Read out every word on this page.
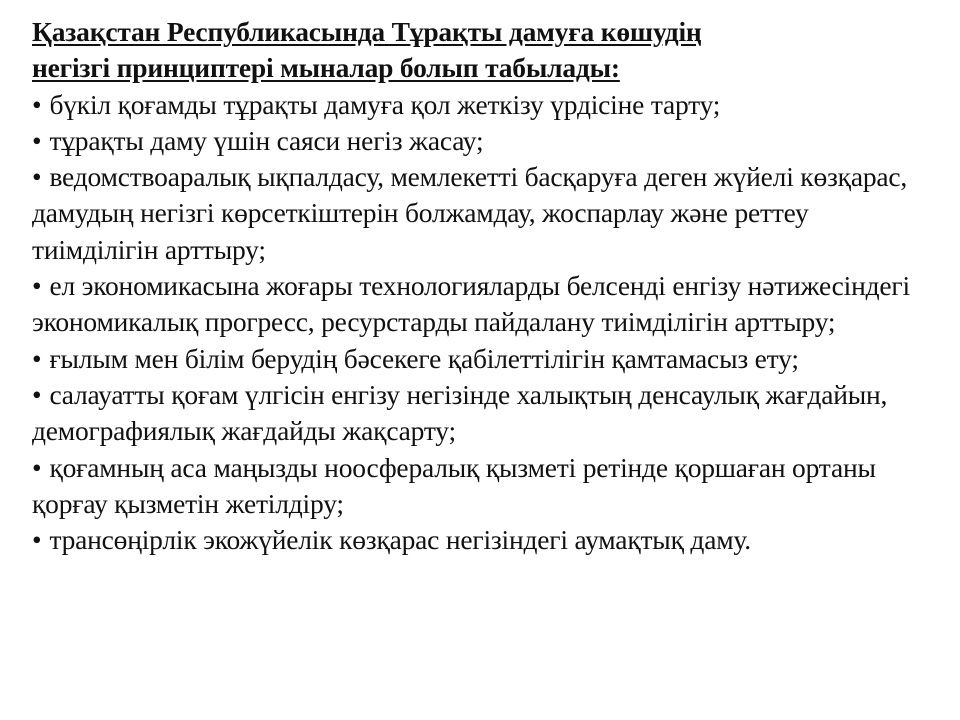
Қазақстан Республикасында Тұрақты дамуға көшудің
негізгі принциптері мыналар болып табылады:

• бүкіл қоғамды тұрақты дамуға қол жеткізу үрдісіне тарту;
• тұрақты даму үшін саяси негіз жасау;
• ведомствоаралық ықпалдасу, мемлекетті басқаруға деген жүйелі көзқарас, дамудың негізгі көрсеткіштерін болжамдау, жоспарлау және реттеу тиімділігін арттыру;
• ел экономикасына жоғары технологияларды белсенді енгізу нәтижесіндегі экономикалық прогресс, ресурстарды пайдалану тиімділігін арттыру;
• ғылым мен білім берудің бәсекеге қабілеттілігін қамтамасыз ету;
• салауатты қоғам үлгісін енгізу негізінде халықтың денсаулық жағдайын, демографиялық жағдайды жақсарту;
• қоғамның аса маңызды ноосфералық қызметі ретінде қоршаған ортаны қорғау қызметін жетілдіру;
• трансөңірлік экожүйелік көзқарас негізіндегі аумақтық даму.
